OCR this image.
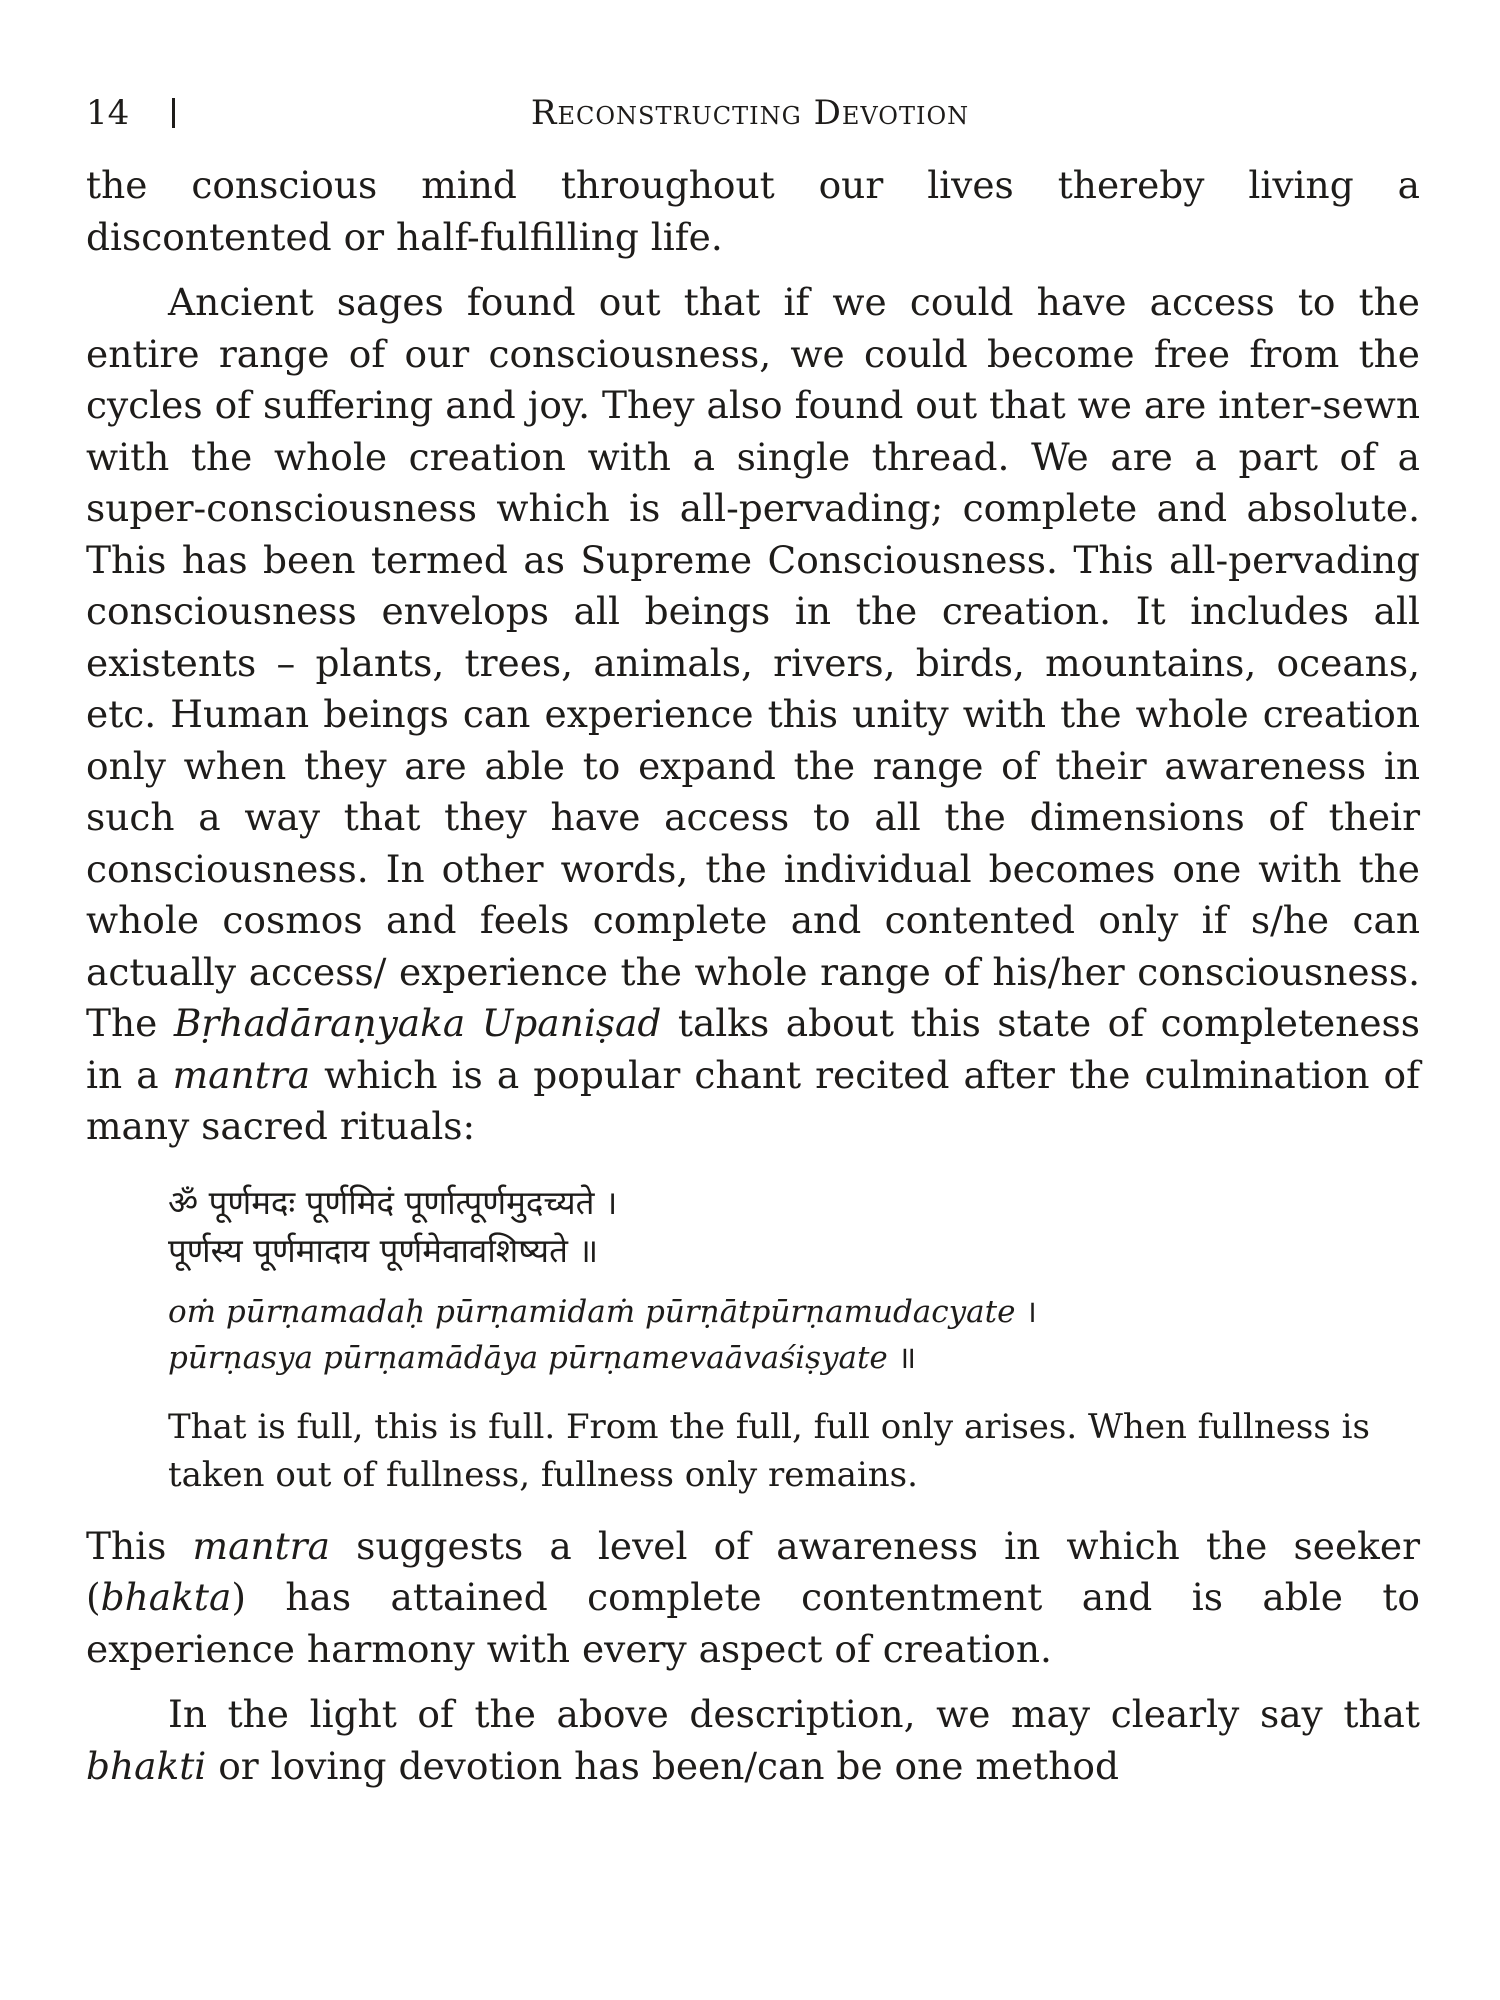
14	Reconstructing Devotion

the conscious mind throughout our lives thereby living a discontented or half-fulfilling life.

Ancient sages found out that if we could have access to the entire range of our consciousness, we could become free from the cycles of suffering and joy. They also found out that we are inter-sewn with the whole creation with a single thread. We are a part of a super-consciousness which is all-pervading; complete and absolute. This has been termed as Supreme Consciousness. This all-pervading consciousness envelops all beings in the creation. It includes all existents – plants, trees, animals, rivers, birds, mountains, oceans, etc. Human beings can experience this unity with the whole creation only when they are able to expand the range of their awareness in such a way that they have access to all the dimensions of their consciousness. In other words, the individual becomes one with the whole cosmos and feels complete and contented only if s/he can actually access/ experience the whole range of his/her consciousness. The Bṛhadāraṇyaka Upaniṣad talks about this state of completeness in a mantra which is a popular chant recited after the culmination of many sacred rituals:

ॐ पूर्णमदः पूर्णमिदं पूर्णात्पूर्णमुदच्यते ।
पूर्णस्य पूर्णमादाय पूर्णमेवावशिष्यते ॥

oṁ pūrṇamadaḥ pūrṇamidaṁ pūrṇātpūrṇamudacyate ।
pūrṇasya pūrṇamādāya pūrṇamevaāvaśiṣyate ॥

That is full, this is full. From the full, full only arises. When fullness is taken out of fullness, fullness only remains.

This mantra suggests a level of awareness in which the seeker (bhakta) has attained complete contentment and is able to experience harmony with every aspect of creation.

In the light of the above description, we may clearly say that bhakti or loving devotion has been/can be one method
